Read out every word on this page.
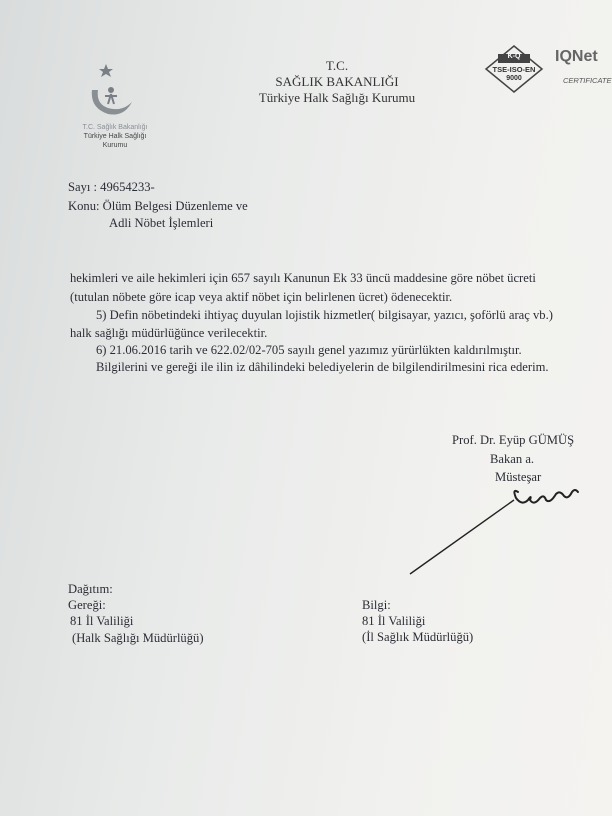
T.C. Sağlık Bakanlığı
Türkiye Halk Sağlığı
Kurumu
T.C.
SAĞLIK BAKANLIĞI
Türkiye Halk Sağlığı Kurumu
K-Q
TSE-ISO-EN
9000
IQNet
CERTIFICATE
Sayı : 49654233-
Konu: Ölüm Belgesi Düzenleme ve
Adli Nöbet İşlemleri
hekimleri ve aile hekimleri için 657 sayılı Kanunun Ek 33 üncü maddesine göre nöbet ücreti
(tutulan nöbete göre icap veya aktif nöbet için belirlenen ücret) ödenecektir.
5) Defin nöbetindeki ihtiyaç duyulan lojistik hizmetler( bilgisayar, yazıcı, şoförlü araç vb.)
halk sağlığı müdürlüğünce verilecektir.
6) 21.06.2016 tarih ve 622.02/02-705 sayılı genel yazımız yürürlükten kaldırılmıştır.
Bilgilerini ve gereği ile ilin iz dâhilindeki belediyelerin de bilgilendirilmesini rica ederim.
Prof. Dr. Eyüp GÜMÜŞ
Bakan a.
Müsteşar
Dağıtım:
Gereği:
81 İl Valiliği
(Halk Sağlığı Müdürlüğü)
Bilgi:
81 İl Valiliği
(İl Sağlık Müdürlüğü)
